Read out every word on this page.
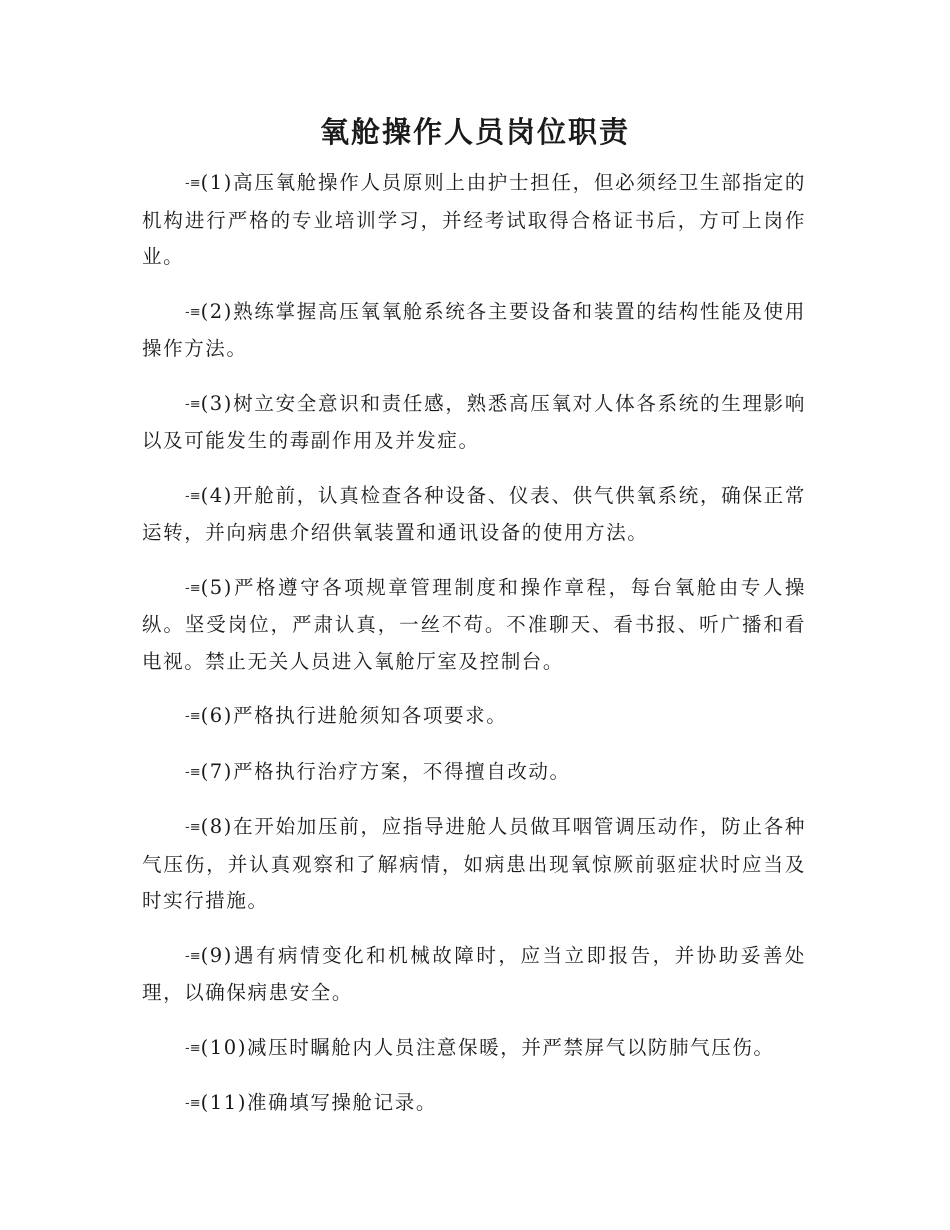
氧舱操作人员岗位职责

-≡(1)高压氧舱操作人员原则上由护士担任，但必须经卫生部指定的机构进行严格的专业培训学习，并经考试取得合格证书后，方可上岗作业。

-≡(2)熟练掌握高压氧氧舱系统各主要设备和装置的结构性能及使用操作方法。

-≡(3)树立安全意识和责任感，熟悉高压氧对人体各系统的生理影响以及可能发生的毒副作用及并发症。

-≡(4)开舱前，认真检查各种设备、仪表、供气供氧系统，确保正常运转，并向病患介绍供氧装置和通讯设备的使用方法。

-≡(5)严格遵守各项规章管理制度和操作章程，每台氧舱由专人操纵。坚受岗位，严肃认真，一丝不苟。不准聊天、看书报、听广播和看电视。禁止无关人员进入氧舱厅室及控制台。

-≡(6)严格执行进舱须知各项要求。

-≡(7)严格执行治疗方案，不得擅自改动。

-≡(8)在开始加压前，应指导进舱人员做耳咽管调压动作，防止各种气压伤，并认真观察和了解病情，如病患出现氧惊厥前驱症状时应当及时实行措施。

-≡(9)遇有病情变化和机械故障时，应当立即报告，并协助妥善处理，以确保病患安全。

-≡(10)减压时瞩舱内人员注意保暖，并严禁屏气以防肺气压伤。

-≡(11)准确填写操舱记录。
